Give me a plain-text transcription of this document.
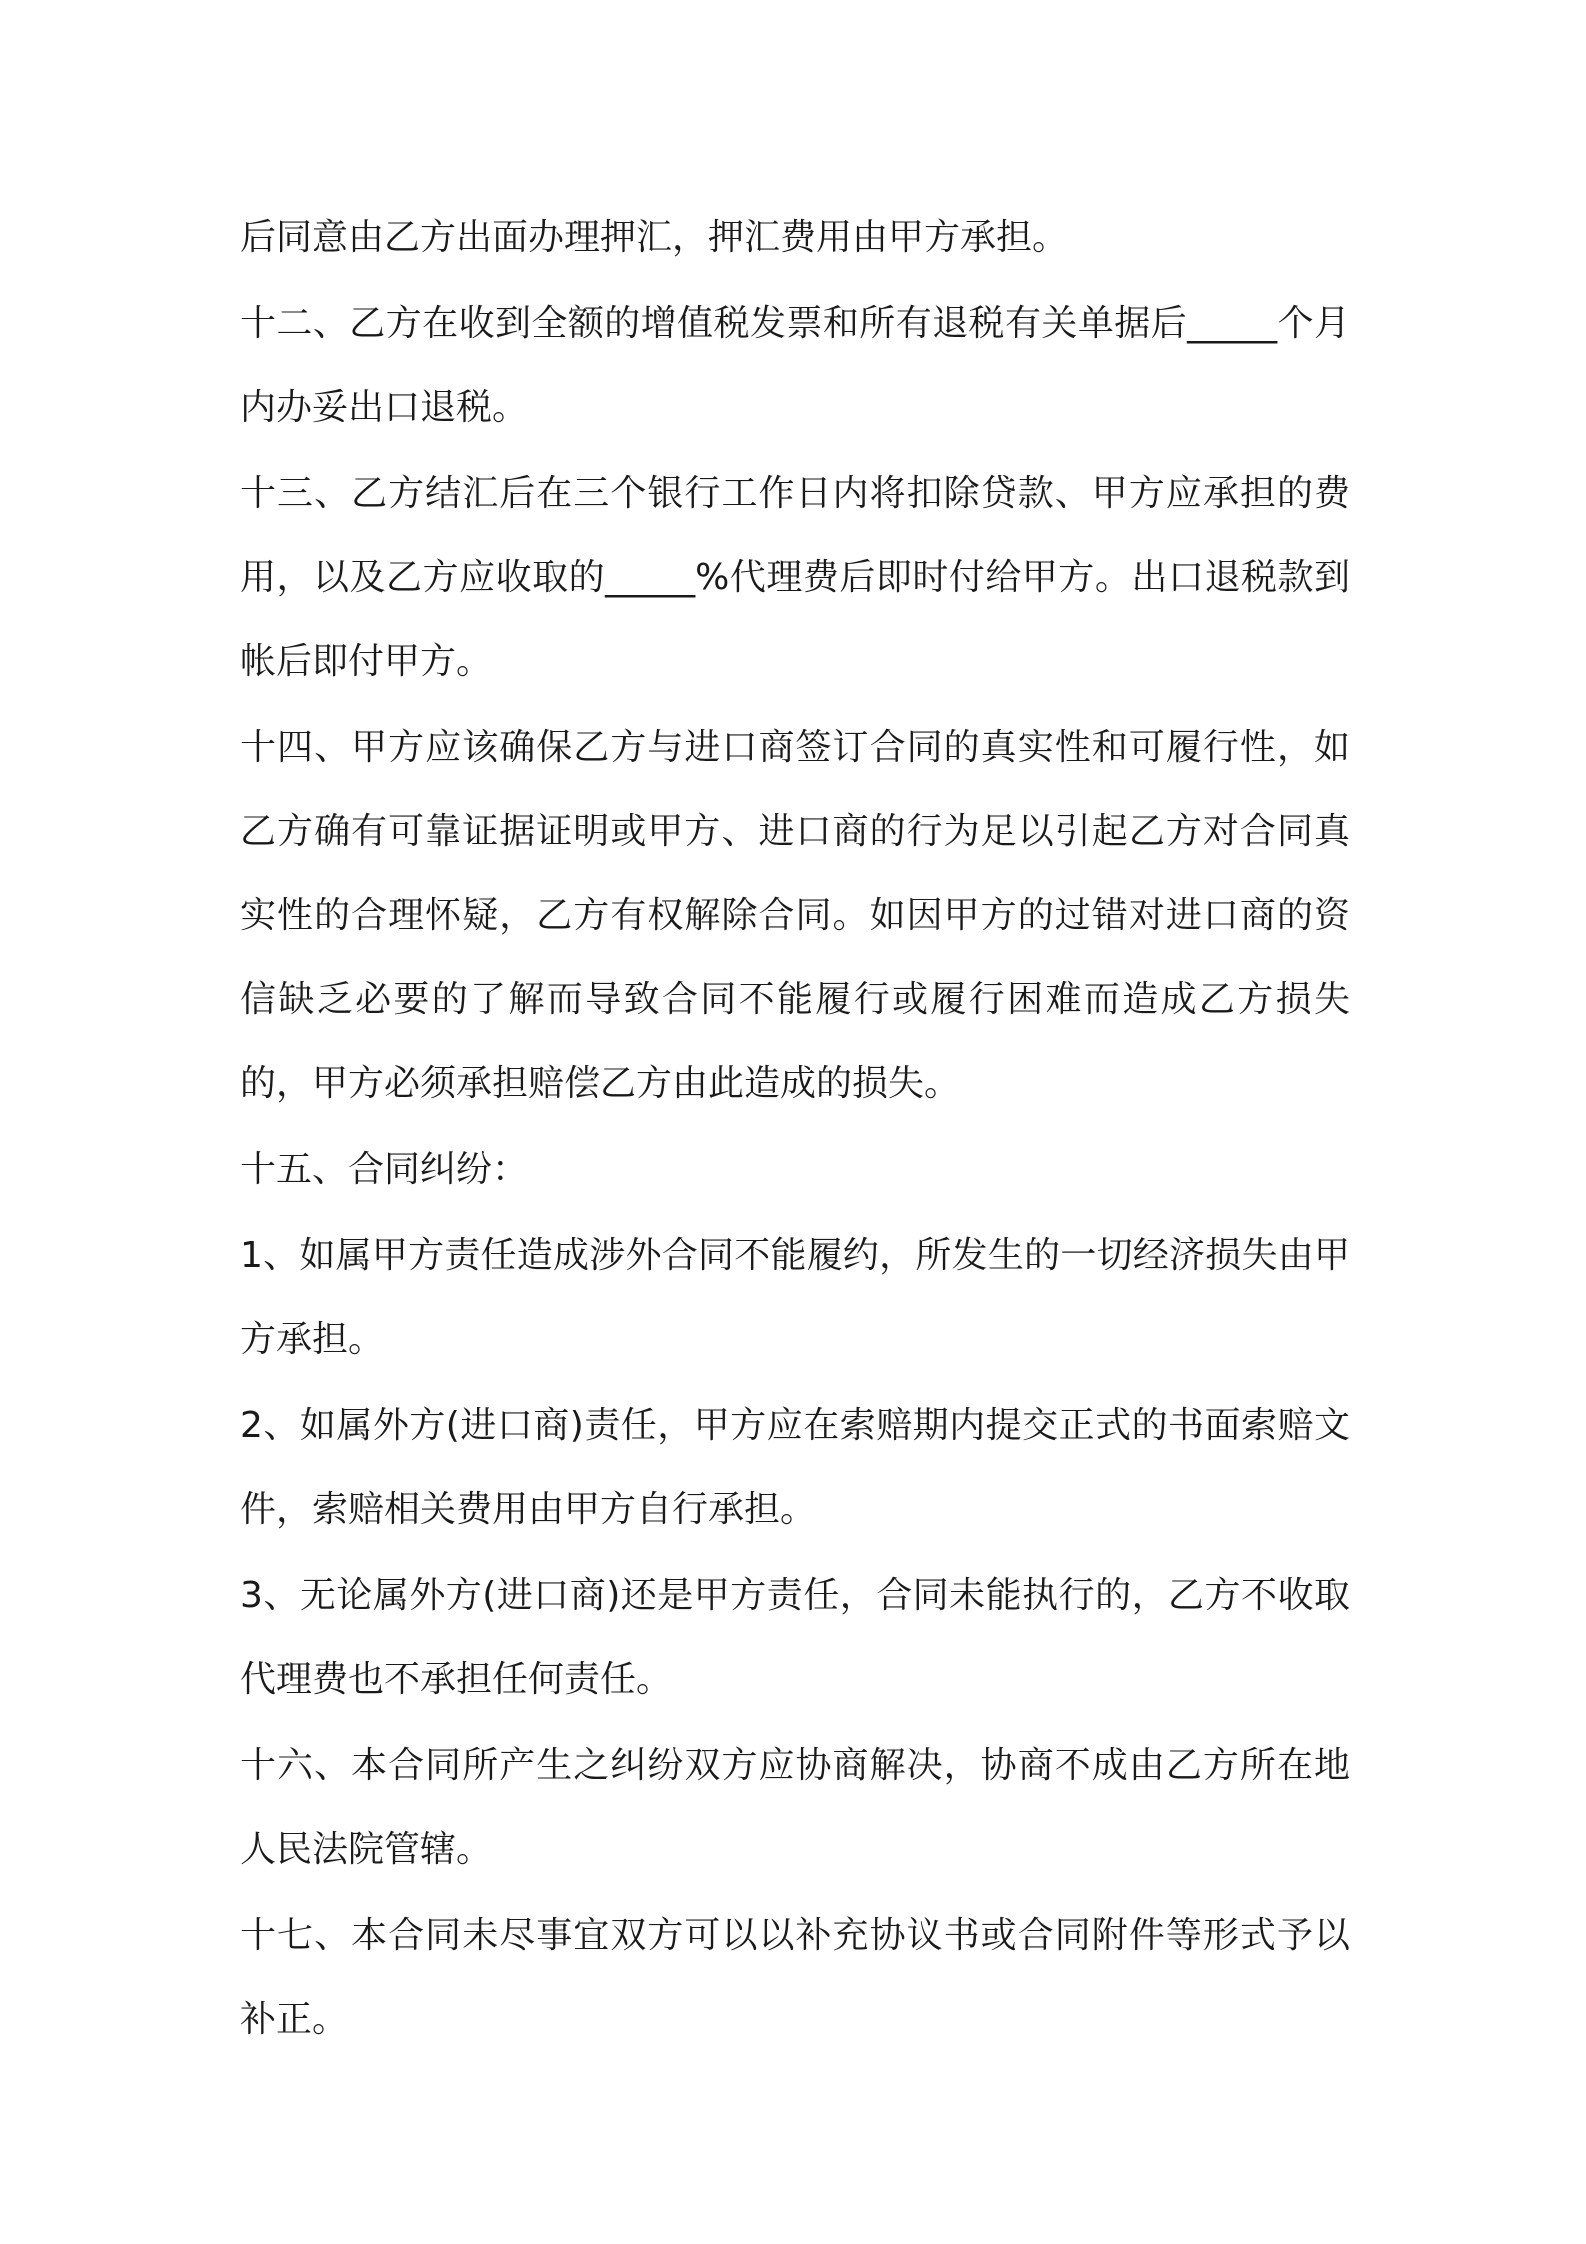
后同意由乙方出面办理押汇，押汇费用由甲方承担。

十二、乙方在收到全额的增值税发票和所有退税有关单据后_____个月内办妥出口退税。

十三、乙方结汇后在三个银行工作日内将扣除贷款、甲方应承担的费用，以及乙方应收取的_____%代理费后即时付给甲方。出口退税款到帐后即付甲方。

十四、甲方应该确保乙方与进口商签订合同的真实性和可履行性，如乙方确有可靠证据证明或甲方、进口商的行为足以引起乙方对合同真实性的合理怀疑，乙方有权解除合同。如因甲方的过错对进口商的资信缺乏必要的了解而导致合同不能履行或履行困难而造成乙方损失的，甲方必须承担赔偿乙方由此造成的损失。

十五、合同纠纷：

1、如属甲方责任造成涉外合同不能履约，所发生的一切经济损失由甲方承担。

2、如属外方(进口商)责任，甲方应在索赔期内提交正式的书面索赔文件，索赔相关费用由甲方自行承担。

3、无论属外方(进口商)还是甲方责任，合同未能执行的，乙方不收取代理费也不承担任何责任。

十六、本合同所产生之纠纷双方应协商解决，协商不成由乙方所在地人民法院管辖。

十七、本合同未尽事宜双方可以以补充协议书或合同附件等形式予以补正。
